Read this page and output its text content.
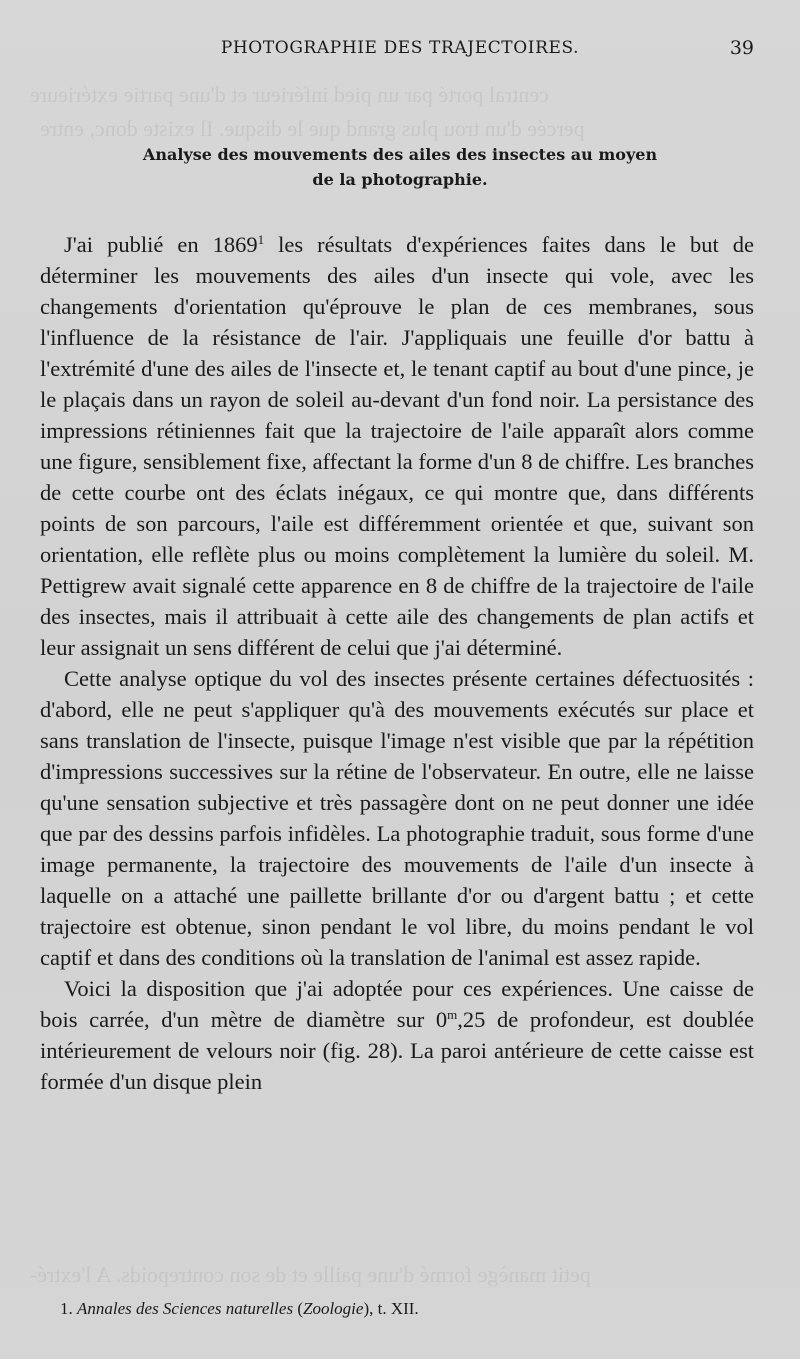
central porté par un pied inférieur et d'une partie extérieure
percée d'un trou plus grand que le disque. Il existe donc, entre
petit manège formé d'une paille et de son contrepoids. A l'extré-
PHOTOGRAPHIE DES TRAJECTOIRES.	39
Analyse des mouvements des ailes des insectes au moyen
de la photographie.

J'ai publié en 1869$^1$ les résultats d'expériences faites dans le but de déterminer les mouvements des ailes d'un insecte qui vole, avec les changements d'orientation qu'éprouve le plan de ces membranes, sous l'influence de la résistance de l'air. J'appliquais une feuille d'or battu à l'extrémité d'une des ailes de l'insecte et, le tenant captif au bout d'une pince, je le plaçais dans un rayon de soleil au-devant d'un fond noir. La persistance des impressions rétiniennes fait que la trajectoire de l'aile apparaît alors comme une figure, sensiblement fixe, affectant la forme d'un 8 de chiffre. Les branches de cette courbe ont des éclats inégaux, ce qui montre que, dans différents points de son parcours, l'aile est différemment orientée et que, suivant son orientation, elle reflète plus ou moins complètement la lumière du soleil. M. Pettigrew avait signalé cette apparence en 8 de chiffre de la trajectoire de l'aile des insectes, mais il attribuait à cette aile des changements de plan actifs et leur assignait un sens différent de celui que j'ai déterminé.

Cette analyse optique du vol des insectes présente certaines défectuosités : d'abord, elle ne peut s'appliquer qu'à des mouvements exécutés sur place et sans translation de l'insecte, puisque l'image n'est visible que par la répétition d'impressions successives sur la rétine de l'observateur. En outre, elle ne laisse qu'une sensation subjective et très passagère dont on ne peut donner une idée que par des dessins parfois infidèles. La photographie traduit, sous forme d'une image permanente, la trajectoire des mouvements de l'aile d'un insecte à laquelle on a attaché une paillette brillante d'or ou d'argent battu ; et cette trajectoire est obtenue, sinon pendant le vol libre, du moins pendant le vol captif et dans des conditions où la translation de l'animal est assez rapide.

Voici la disposition que j'ai adoptée pour ces expériences. Une caisse de bois carrée, d'un mètre de diamètre sur 0$^m$,25 de profondeur, est doublée intérieurement de velours noir (fig. 28). La paroi antérieure de cette caisse est formée d'un disque plein

1. Annales des Sciences naturelles (Zoologie), t. XII.
